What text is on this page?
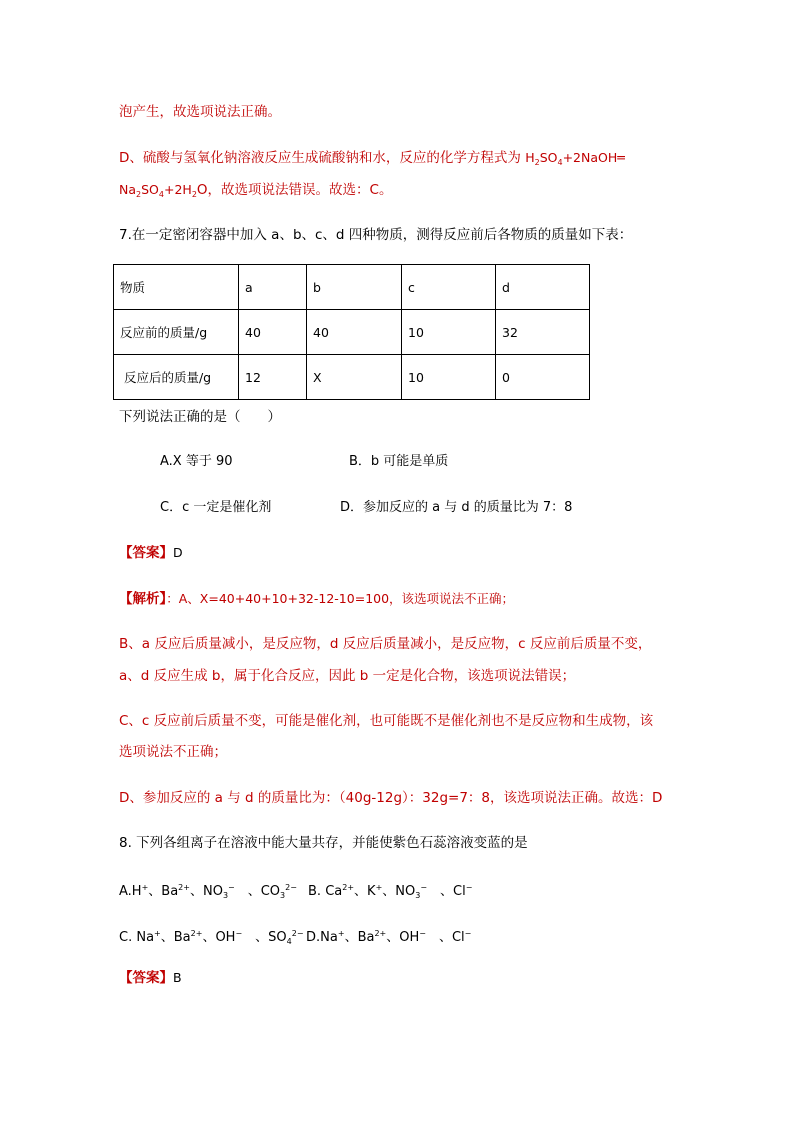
泡产生，故选项说法正确。
D、硫酸与氢氧化钠溶液反应生成硫酸钠和水，反应的化学方程式为 $H_2SO_4+2NaOH═$
$Na_2SO_4+2H_2O$，故选项说法错误。故选：C。
7.在一定密闭容器中加入 a、b、c、d 四种物质，测得反应前后各物质的质量如下表：
物质	a	b	c	d
反应前的质量/g	40	40	10	32
反应后的质量/g	12	X	10	0
下列说法正确的是（　　）
A.X 等于 90	B．b 可能是单质
C．c 一定是催化剂	D．参加反应的 a 与 d 的质量比为 7：8
【答案】D
【解析】：A、X=40+40+10+32-12-10=100，该选项说法不正确；
B、a 反应后质量减小，是反应物，d 反应后质量减小，是反应物，c 反应前后质量不变，
a、d 反应生成 b，属于化合反应，因此 b 一定是化合物，该选项说法错误；
C、c 反应前后质量不变，可能是催化剂，也可能既不是催化剂也不是反应物和生成物，该
选项说法不正确；
D、参加反应的 a 与 d 的质量比为：（40g-12g）：32g=7：8，该选项说法正确。故选：D
8. 下列各组离子在溶液中能大量共存，并能使紫色石蕊溶液变蓝的是
A.H+、$Ba^{2+}$、$NO_3^-$　、$CO_3^{2-}$ B. $Ca^{2+}$、K+、$NO_3^-$　、Cl−
C. Na+、$Ba^{2+}$、OH−　、$SO_4^{2-}$ D.Na+、$Ba^{2+}$、OH−　、Cl−
【答案】B
